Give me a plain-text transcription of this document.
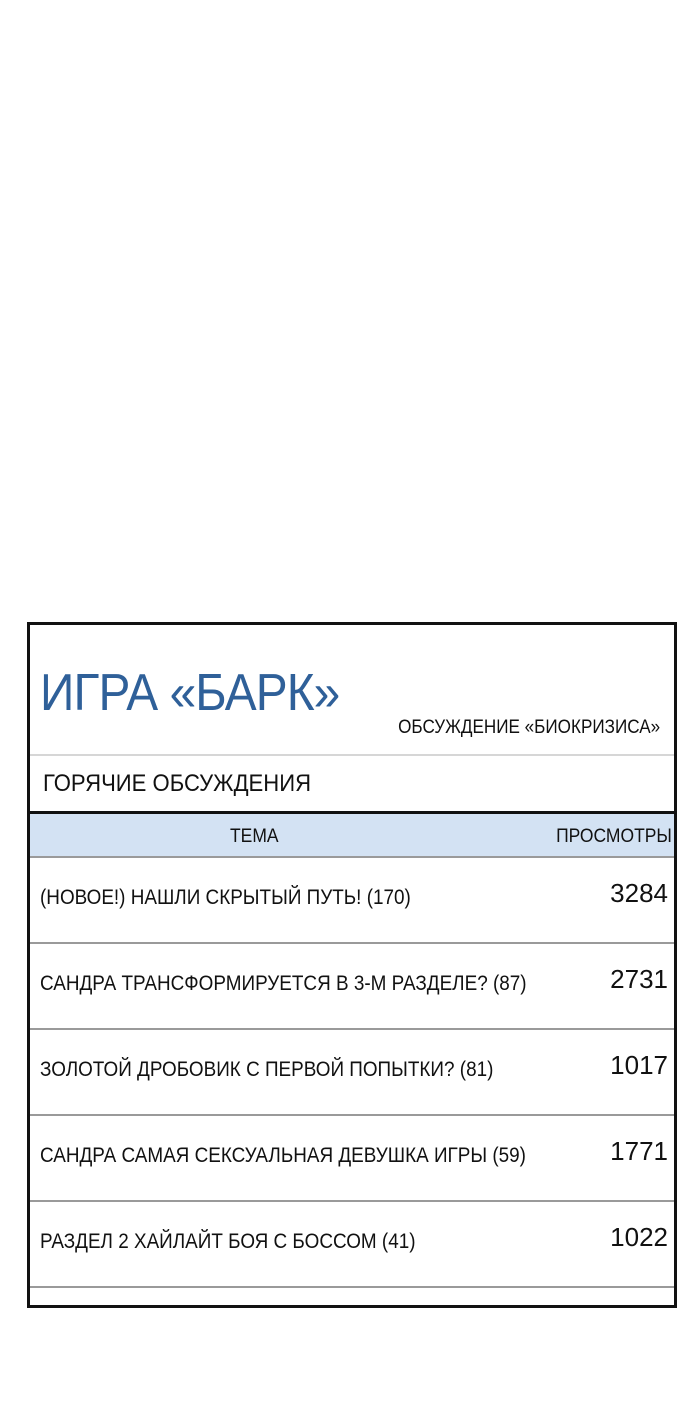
ИГРА «БАРК»
ОБСУЖДЕНИЕ «БИОКРИЗИСА»
ГОРЯЧИЕ ОБСУЖДЕНИЯ
ТЕМА	ПРОСМОТРЫ
(НОВОЕ!) НАШЛИ СКРЫТЫЙ ПУТЬ! (170)	3284
САНДРА ТРАНСФОРМИРУЕТСЯ В 3-М РАЗДЕЛЕ? (87)	2731
ЗОЛОТОЙ ДРОБОВИК С ПЕРВОЙ ПОПЫТКИ? (81)	1017
САНДРА САМАЯ СЕКСУАЛЬНАЯ ДЕВУШКА ИГРЫ (59)	1771
РАЗДЕЛ 2 ХАЙЛАЙТ БОЯ С БОССОМ (41)	1022
